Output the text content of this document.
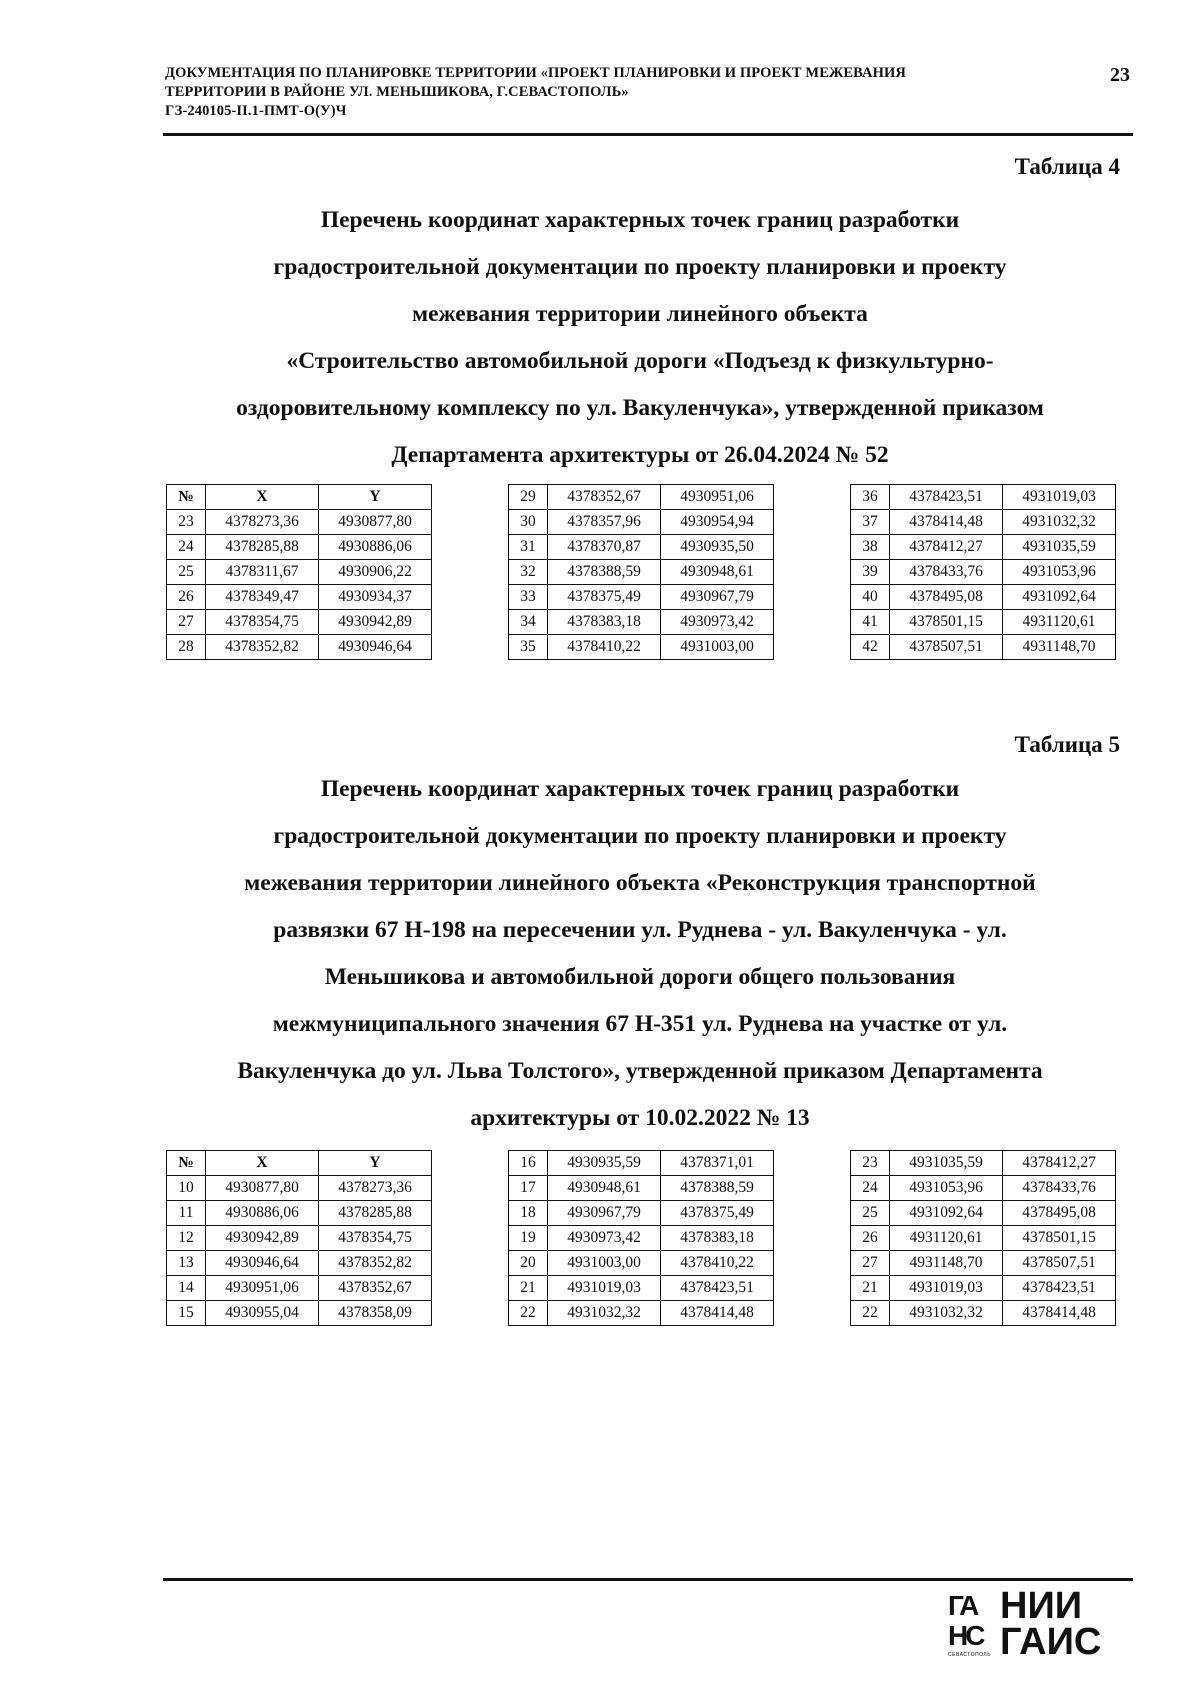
ДОКУМЕНТАЦИЯ ПО ПЛАНИРОВКЕ ТЕРРИТОРИИ «ПРОЕКТ ПЛАНИРОВКИ И ПРОЕКТ МЕЖЕВАНИЯ
ТЕРРИТОРИИ В РАЙОНЕ УЛ. МЕНЬШИКОВА, Г.СЕВАСТОПОЛЬ»
ГЗ-240105-II.1-ПМТ-О(У)Ч
23
Таблица 4
Перечень координат характерных точек границ разработки
градостроительной документации по проекту планировки и проекту
межевания территории линейного объекта
«Строительство автомобильной дороги «Подъезд к физкультурно-
оздоровительному комплексу по ул. Вакуленчука», утвержденной приказом
Департамента архитектуры от 26.04.2024 № 52
№	X	Y
23	4378273,36	4930877,80
24	4378285,88	4930886,06
25	4378311,67	4930906,22
26	4378349,47	4930934,37
27	4378354,75	4930942,89
28	4378352,82	4930946,64
29	4378352,67	4930951,06
30	4378357,96	4930954,94
31	4378370,87	4930935,50
32	4378388,59	4930948,61
33	4378375,49	4930967,79
34	4378383,18	4930973,42
35	4378410,22	4931003,00
36	4378423,51	4931019,03
37	4378414,48	4931032,32
38	4378412,27	4931035,59
39	4378433,76	4931053,96
40	4378495,08	4931092,64
41	4378501,15	4931120,61
42	4378507,51	4931148,70
Таблица 5
Перечень координат характерных точек границ разработки
градостроительной документации по проекту планировки и проекту
межевания территории линейного объекта «Реконструкция транспортной
развязки 67 Н-198 на пересечении ул. Руднева - ул. Вакуленчука - ул.
Меньшикова и автомобильной дороги общего пользования
межмуниципального значения 67 Н-351 ул. Руднева на участке от ул.
Вакуленчука до ул. Льва Толстого», утвержденной приказом Департамента
архитектуры от 10.02.2022 № 13
№	X	Y
10	4930877,80	4378273,36
11	4930886,06	4378285,88
12	4930942,89	4378354,75
13	4930946,64	4378352,82
14	4930951,06	4378352,67
15	4930955,04	4378358,09
16	4930935,59	4378371,01
17	4930948,61	4378388,59
18	4930967,79	4378375,49
19	4930973,42	4378383,18
20	4931003,00	4378410,22
21	4931019,03	4378423,51
22	4931032,32	4378414,48
23	4931035,59	4378412,27
24	4931053,96	4378433,76
25	4931092,64	4378495,08
26	4931120,61	4378501,15
27	4931148,70	4378507,51
21	4931019,03	4378423,51
22	4931032,32	4378414,48
ГА
НС
СЕВАСТОПОЛЬ
НИИ
ГАИС
